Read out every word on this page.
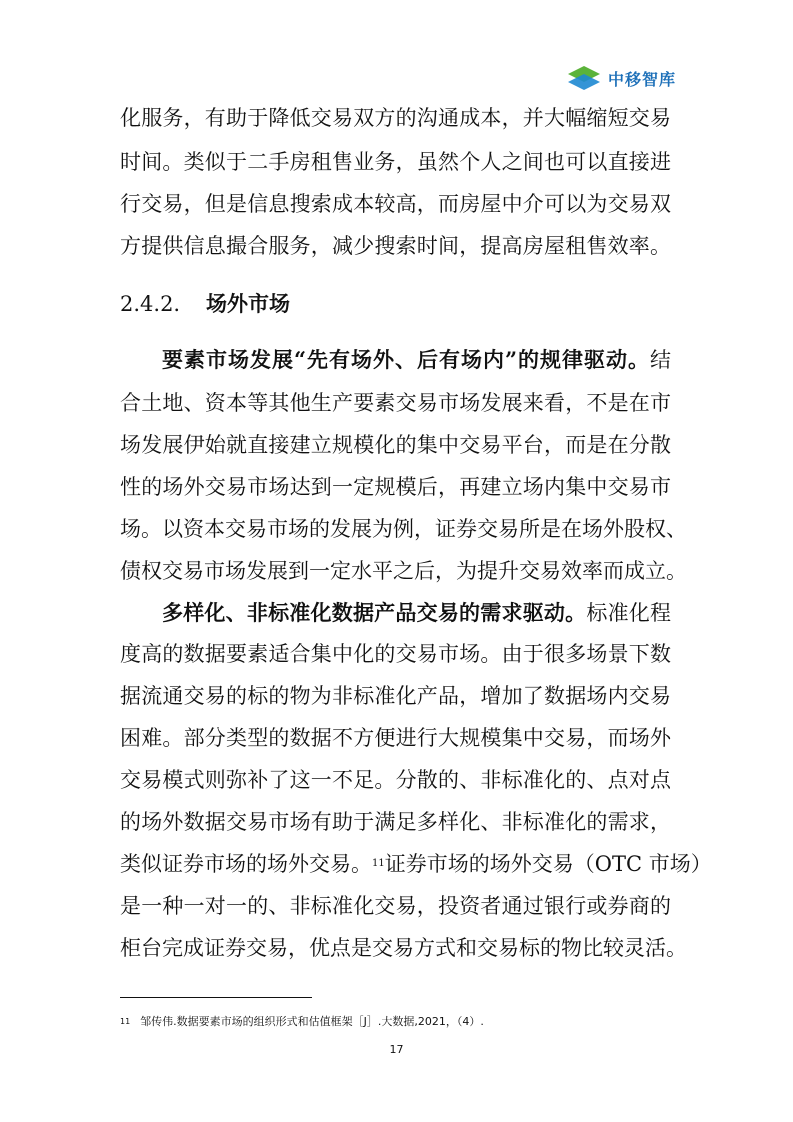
中移智库
化服务，有助于降低交易双方的沟通成本，并大幅缩短交易
时间。类似于二手房租售业务，虽然个人之间也可以直接进
行交易，但是信息搜索成本较高，而房屋中介可以为交易双
方提供信息撮合服务，减少搜索时间，提高房屋租售效率。
2.4.2. 场外市场
要素市场发展“先有场外、后有场内”的规律驱动。结
合土地、资本等其他生产要素交易市场发展来看，不是在市
场发展伊始就直接建立规模化的集中交易平台，而是在分散
性的场外交易市场达到一定规模后，再建立场内集中交易市
场。以资本交易市场的发展为例，证券交易所是在场外股权、
债权交易市场发展到一定水平之后，为提升交易效率而成立。
多样化、非标准化数据产品交易的需求驱动。标准化程
度高的数据要素适合集中化的交易市场。由于很多场景下数
据流通交易的标的物为非标准化产品，增加了数据场内交易
困难。部分类型的数据不方便进行大规模集中交易，而场外
交易模式则弥补了这一不足。分散的、非标准化的、点对点
的场外数据交易市场有助于满足多样化、非标准化的需求，
类似证券市场的场外交易。$^{11}$证券市场的场外交易（OTC 市场）
是一种一对一的、非标准化交易，投资者通过银行或券商的
柜台完成证券交易，优点是交易方式和交易标的物比较灵活。
$^{11}$ 邹传伟.数据要素市场的组织形式和估值框架［J］.大数据,2021，（4）.
17
